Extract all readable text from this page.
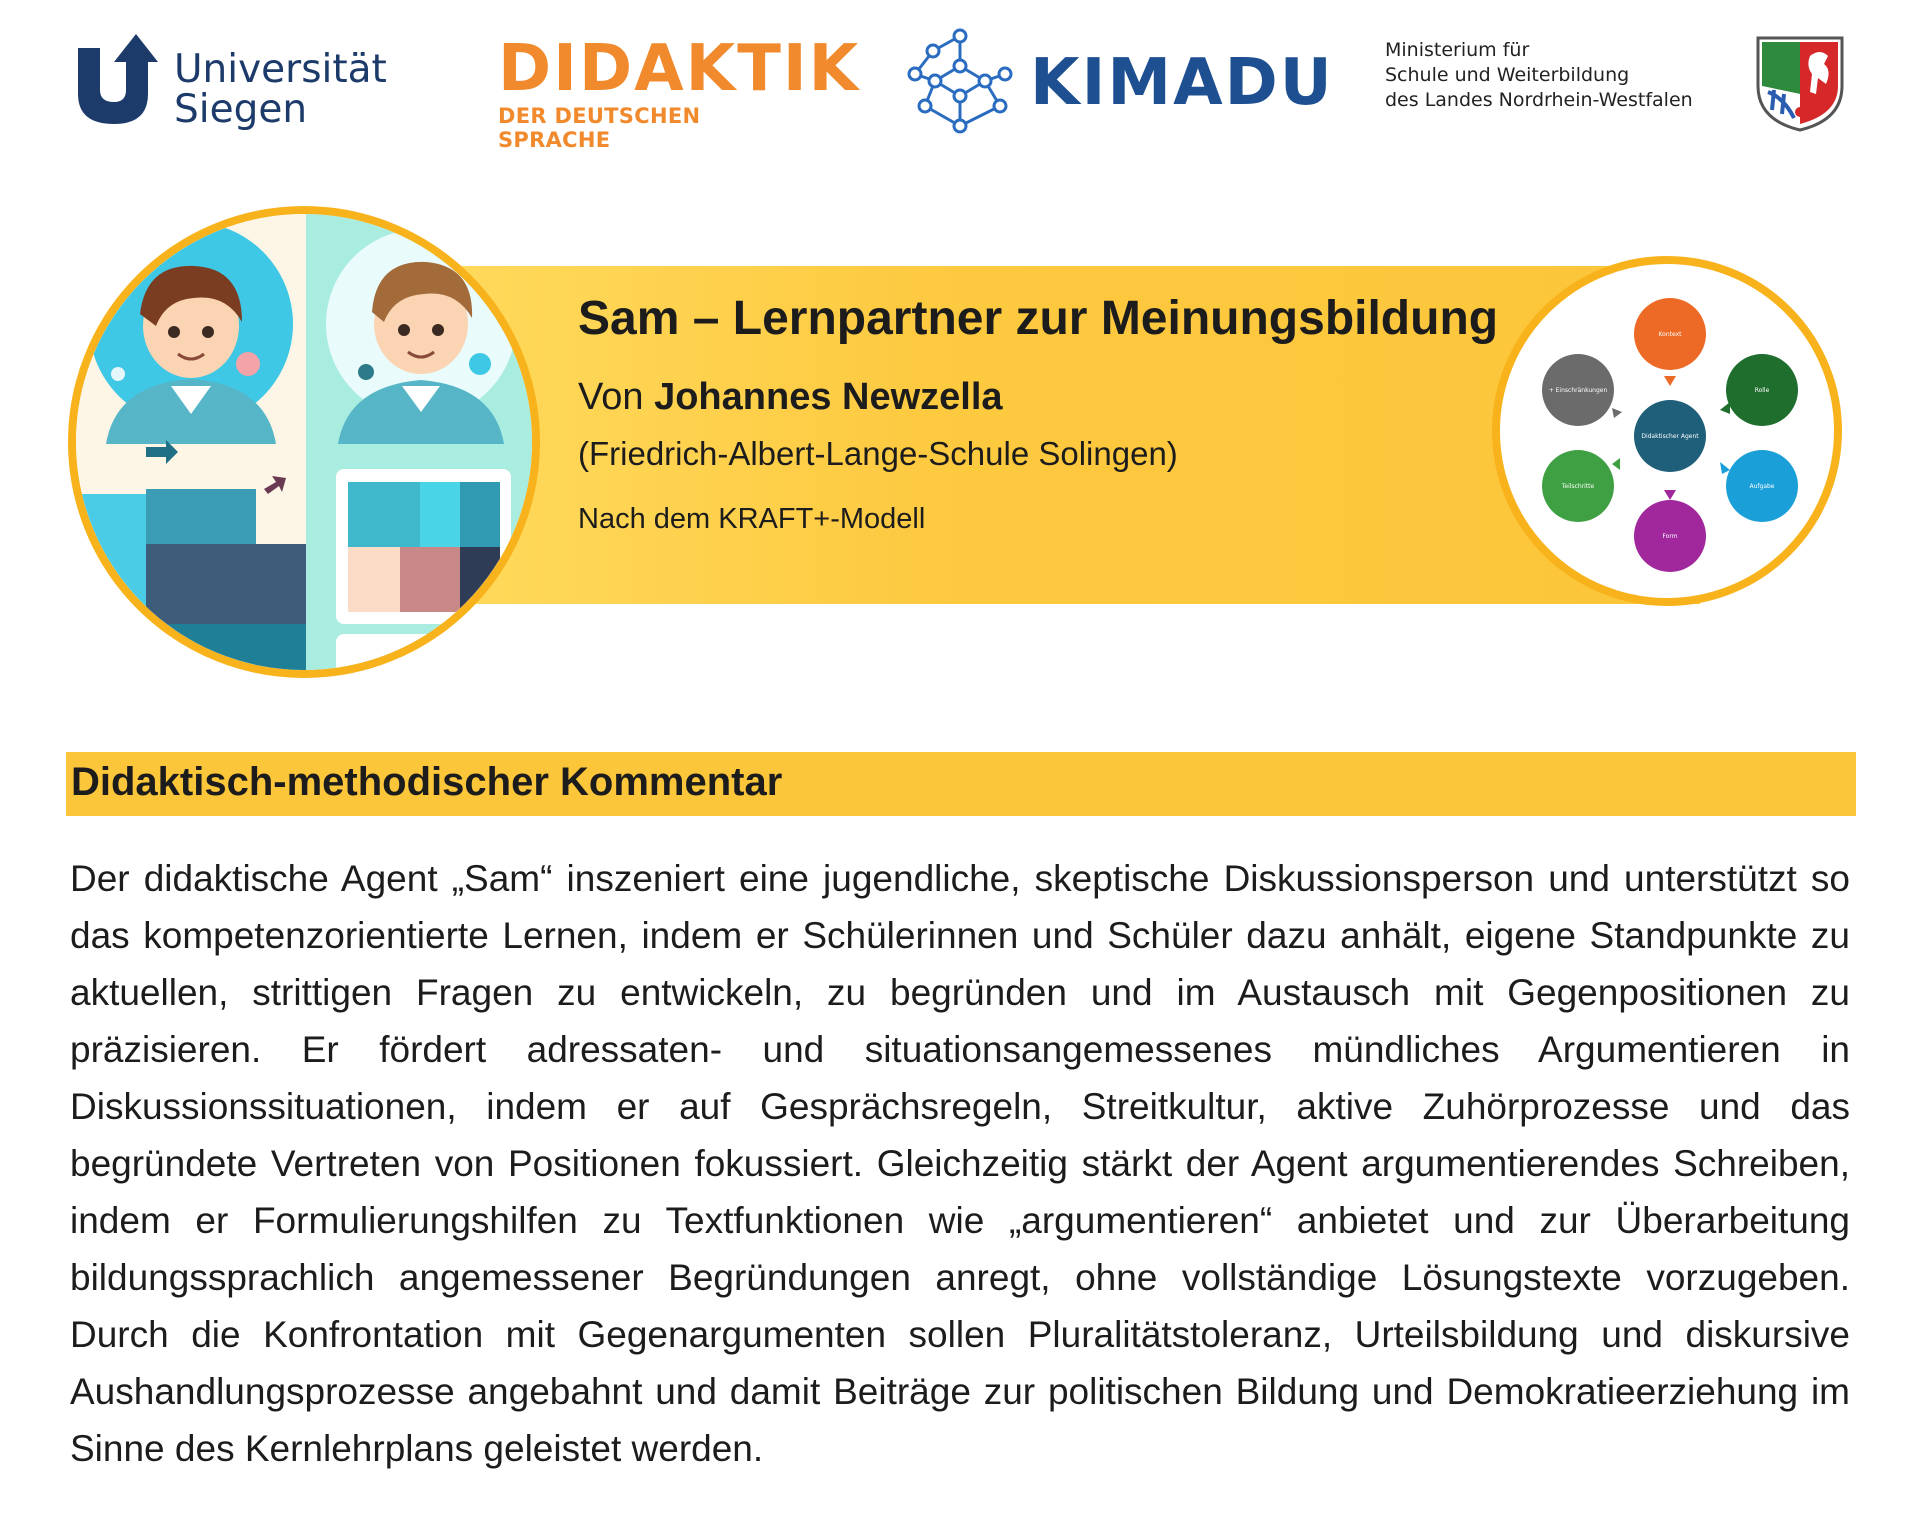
Universität
Siegen
DIDAKTIK
DER DEUTSCHEN SPRACHE
KIMADU	Ministerium für
Schule und Weiterbildung
des Landes Nordrhein-Westfalen
Sam – Lernpartner zur Meinungsbildung
Von Johannes Newzella
(Friedrich-Albert-Lange-Schule Solingen)
Nach dem KRAFT+-Modell
Kontext
Rolle
Aufgabe
Form
Teilschritte
+ Einschränkungen
Didaktischer Agent
Didaktisch-methodischer Kommentar

Der didaktische Agent „Sam“ inszeniert eine jugendliche, skeptische Diskussionsperson und unterstützt so das kompetenzorientierte Lernen, indem er Schülerinnen und Schüler dazu anhält, eigene Standpunkte zu aktuellen, strittigen Fragen zu entwickeln, zu begründen und im Austausch mit Gegenpositionen zu präzisieren. Er fördert adressaten- und situationsangemessenes mündliches Argumentieren in Diskussionssituationen, indem er auf Gesprächsregeln, Streitkultur, aktive Zuhörprozesse und das begründete Vertreten von Positionen fokussiert. Gleichzeitig stärkt der Agent argumentierendes Schreiben, indem er Formulierungshilfen zu Textfunktionen wie „argumentieren“ anbietet und zur Überarbeitung bildungssprachlich angemessener Begründungen anregt, ohne vollständige Lösungstexte vorzugeben. Durch die Konfrontation mit Gegenargumenten sollen Pluralitätstoleranz, Urteilsbildung und diskursive Aushandlungsprozesse angebahnt und damit Beiträge zur politischen Bildung und Demokratieerziehung im Sinne des Kernlehrplans geleistet werden.
